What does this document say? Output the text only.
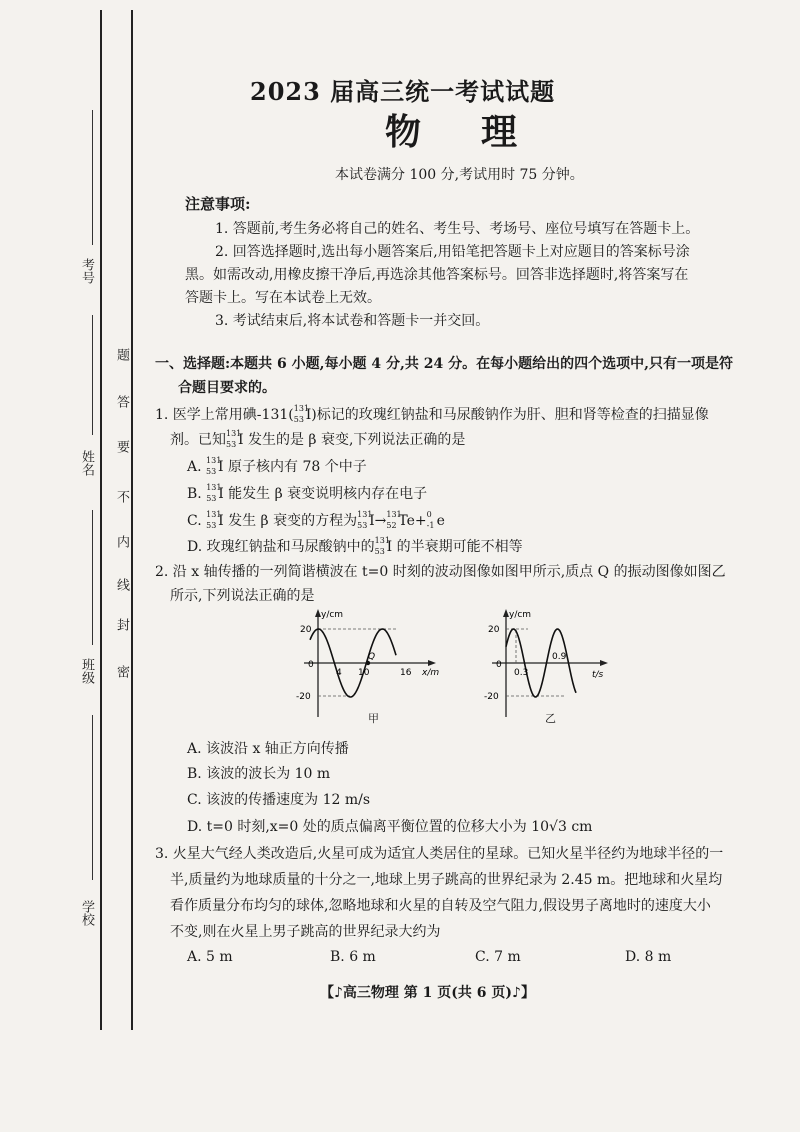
考号
姓名
班级
学校
密
封
线
内
不
要
答
题
2023 届高三统一考试试题
物理
本试卷满分 100 分,考试用时 75 分钟。
注意事项:
1. 答题前,考生务必将自己的姓名、考生号、考场号、座位号填写在答题卡上。
2. 回答选择题时,选出每小题答案后,用铅笔把答题卡上对应题目的答案标号涂
黑。如需改动,用橡皮擦干净后,再选涂其他答案标号。回答非选择题时,将答案写在
答题卡上。写在本试卷上无效。
3. 考试结束后,将本试卷和答题卡一并交回。
一、选择题:本题共 6 小题,每小题 4 分,共 24 分。在每小题给出的四个选项中,只有一项是符
合题目要求的。
1. 医学上常用碘-131( 131
53 I)标记的玫瑰红钠盐和马尿酸钠作为肝、胆和肾等检查的扫描显像
剂。已知 131
53 I 发生的是 β 衰变,下列说法正确的是
A. 131
53 I 原子核内有 78 个中子
B. 131
53 I 能发生 β 衰变说明核内存在电子
C. 131
53 I 发生 β 衰变的方程为 131
53 I→ 131
52 Te+ 0
-1 e
D. 玫瑰红钠盐和马尿酸钠中的 131
53 I 的半衰期可能不相等
2. 沿 x 轴传播的一列简谐横波在 t=0 时刻的波动图像如图甲所示,质点 Q 的振动图像如图乙
所示,下列说法正确的是
y/cm
x/m
20
-20
0
4 10	16
Q
甲
y/cm
t/s
20
-20
0
0.3
0.9
乙
A. 该波沿 x 轴正方向传播
B. 该波的波长为 10 m
C. 该波的传播速度为 12 m/s
D. t=0 时刻,x=0 处的质点偏离平衡位置的位移大小为 10√3 cm
3. 火星大气经人类改造后,火星可成为适宜人类居住的星球。已知火星半径约为地球半径的一
半,质量约为地球质量的十分之一,地球上男子跳高的世界纪录为 2.45 m。把地球和火星均
看作质量分布均匀的球体,忽略地球和火星的自转及空气阻力,假设男子离地时的速度大小
不变,则在火星上男子跳高的世界纪录大约为
A. 5 m	B. 6 m	C. 7 m	D. 8 m
【♪高三物理 第 1 页(共 6 页)♪】
